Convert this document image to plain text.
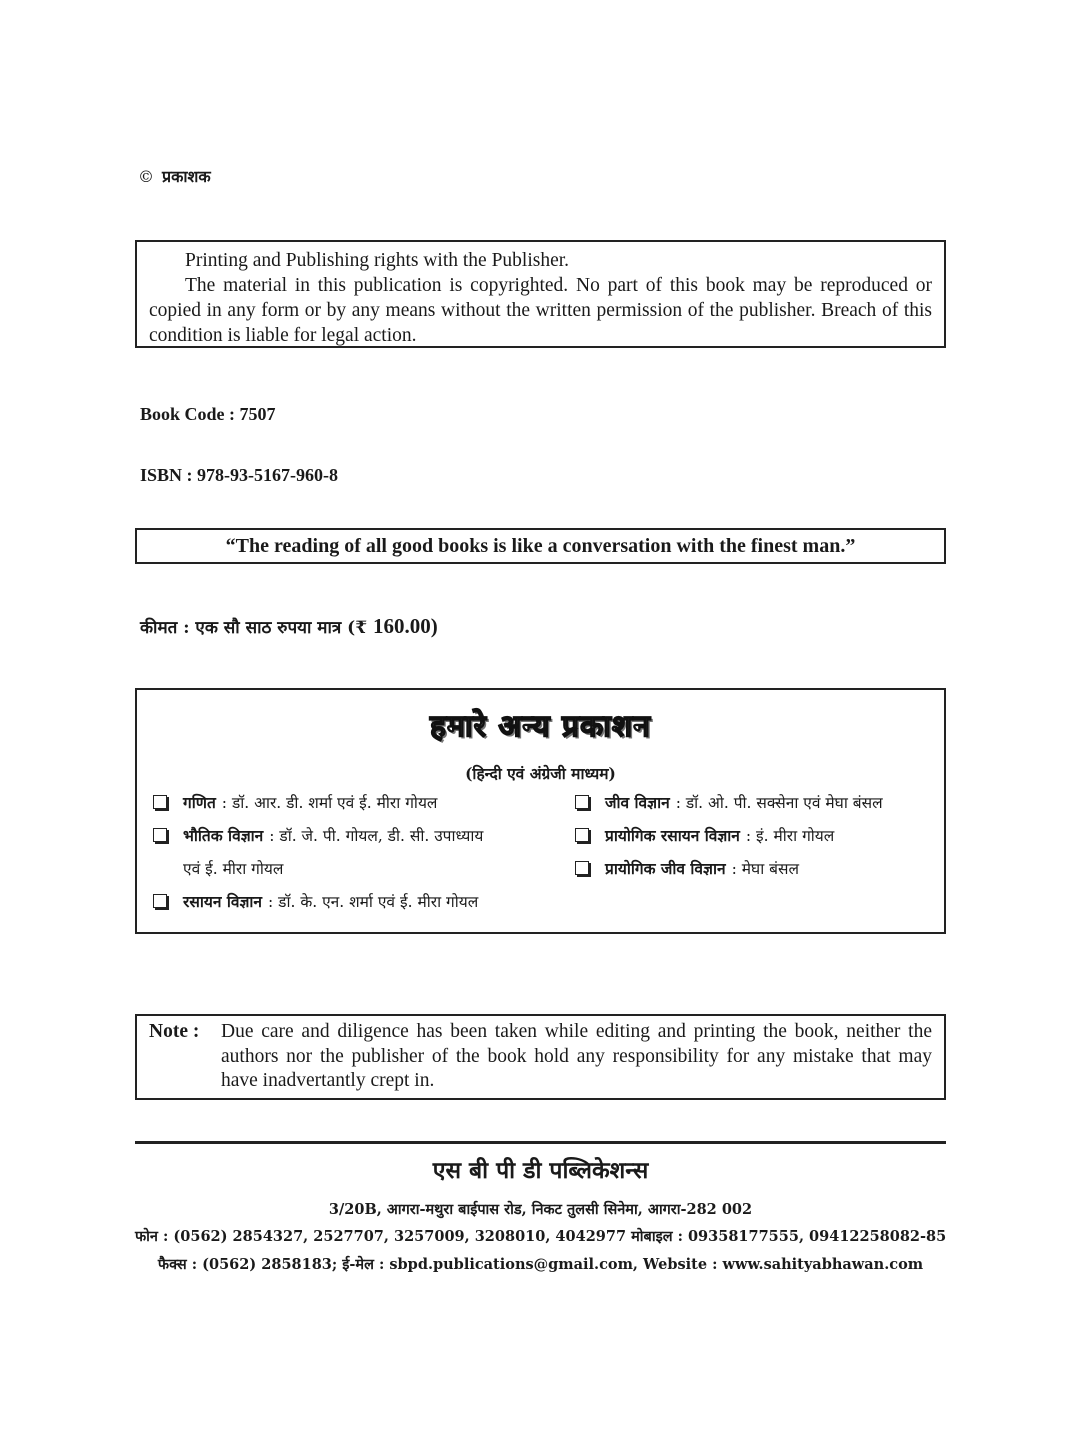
© प्रकाशक

Printing and Publishing rights with the Publisher.

The material in this publication is copyrighted. No part of this book may be reproduced or copied in any form or by any means without the written permission of the publisher. Breach of this condition is liable for legal action.

Book Code : 7507
ISBN : 978-93-5167-960-8
“The reading of all good books is like a conversation with the finest man.”
कीमत : एक सौ साठ रुपया मात्र (₹ 160.00)
हमारे अन्य प्रकाशन
(हिन्दी एवं अंग्रेजी माध्यम)
गणित : डॉ. आर. डी. शर्मा एवं ई. मीरा गोयल
भौतिक विज्ञान : डॉ. जे. पी. गोयल, डी. सी. उपाध्याय
एवं ई. मीरा गोयल
रसायन विज्ञान : डॉ. के. एन. शर्मा एवं ई. मीरा गोयल
जीव विज्ञान : डॉ. ओ. पी. सक्सेना एवं मेघा बंसल
प्रायोगिक रसायन विज्ञान : इं. मीरा गोयल
प्रायोगिक जीव विज्ञान : मेघा बंसल
Note :	Due care and diligence has been taken while editing and printing the book, neither the authors nor the publisher of the book hold any responsibility for any mistake that may have inadvertantly crept in.
एस बी पी डी पब्लिकेशन्स
3/20B, आगरा-मथुरा बाईपास रोड, निकट तुलसी सिनेमा, आगरा-282 002
फोन : (0562) 2854327, 2527707, 3257009, 3208010, 4042977 मोबाइल : 09358177555, 09412258082-85
फैक्स : (0562) 2858183; ई-मेल : sbpd.publications@gmail.com, Website : www.sahityabhawan.com
